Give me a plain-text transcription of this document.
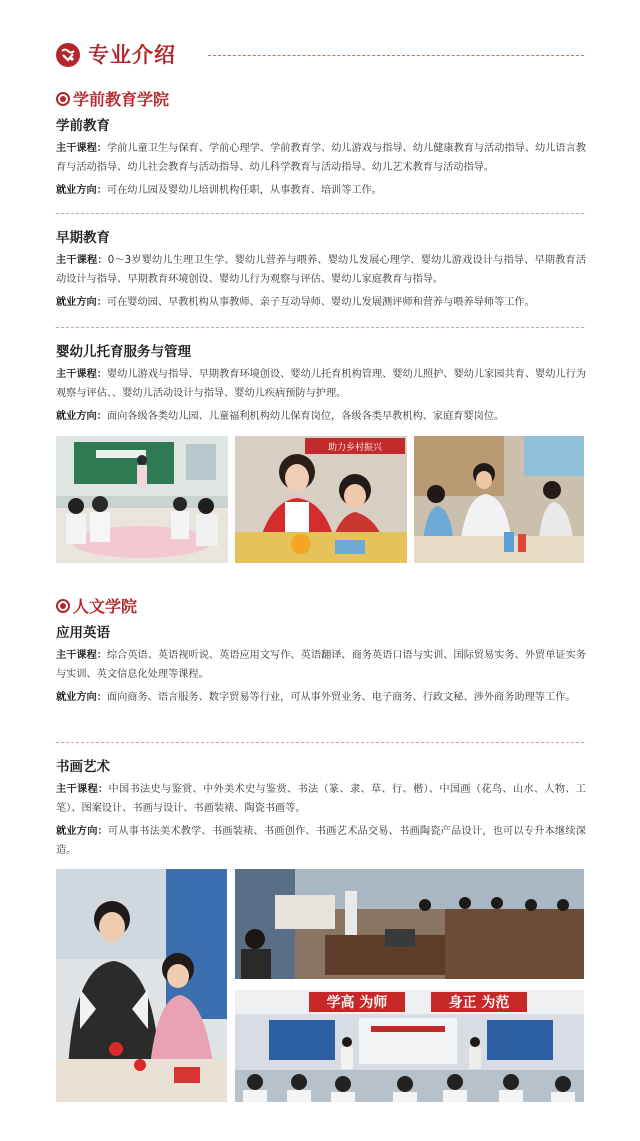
专业介绍
学前教育学院
学前教育

主干课程：学前儿童卫生与保育、学前心理学、学前教育学、幼儿游戏与指导、幼儿健康教育与活动指导、幼儿语言教育与活动指导、幼儿社会教育与活动指导、幼儿科学教育与活动指导、幼儿艺术教育与活动指导。

就业方向：可在幼儿园及婴幼儿培训机构任职，从事教育、培训等工作。

早期教育

主干课程：0～3岁婴幼儿生理卫生学、婴幼儿营养与喂养、婴幼儿发展心理学、婴幼儿游戏设计与指导、早期教育活动设计与指导、早期教育环境创设、婴幼儿行为观察与评估、婴幼儿家庭教育与指导。

就业方向：可在婴幼园、早教机构从事教师、亲子互动导师、婴幼儿发展测评师和营养与喂养导师等工作。

婴幼儿托育服务与管理

主干课程：婴幼儿游戏与指导、早期教育环境创设、婴幼儿托育机构管理、婴幼儿照护、婴幼儿家园共育、婴幼儿行为观察与评估、、婴幼儿活动设计与指导、婴幼儿疾病预防与护理。

就业方向：面向各级各类幼儿园、儿童福利机构幼儿保育岗位，各级各类早教机构、家庭育婴岗位。

助力乡村振兴
人文学院
应用英语

主干课程：综合英语、英语视听说、英语应用文写作、英语翻译、商务英语口语与实训、国际贸易实务、外贸单证实务与实训、英文信息化处理等课程。

就业方向：面向商务、语言服务、数字贸易等行业，可从事外贸业务、电子商务、行政文秘、涉外商务助理等工作。

书画艺术

主干课程：中国书法史与鉴赏、中外美术史与鉴赏、书法（篆、隶、草、行、楷）、中国画（花鸟、山水、人物、工笔）、图案设计、书画与设计、书画装裱、陶瓷书画等。

就业方向：可从事书法美术教学、书画装裱、书画创作、书画艺术品交易、书画陶瓷产品设计，也可以专升本继续深造。

学高 为师	身正 为范
